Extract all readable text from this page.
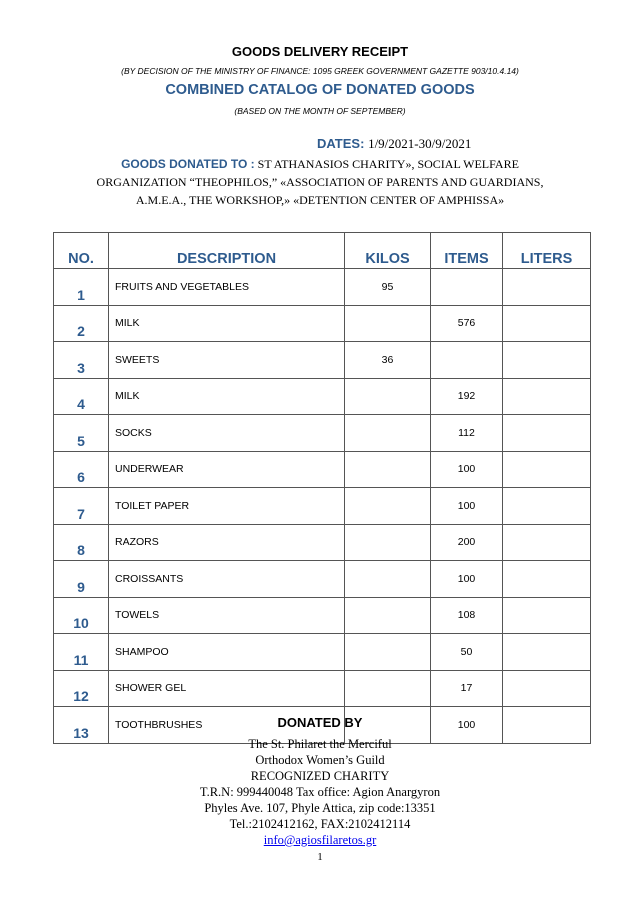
GOODS DELIVERY RECEIPT
(BY DECISION OF THE MINISTRY OF FINANCE: 1095 GREEK GOVERNMENT GAZETTE 903/10.4.14)
COMBINED CATALOG OF DONATED GOODS
(BASED ON THE MONTH OF SEPTEMBER)
DATES: 1/9/2021-30/9/2021
GOODS DONATED TO : ST ATHANASIOS CHARITY», SOCIAL WELFARE
ORGANIZATION “THEOPHILOS,” «ASSOCIATION OF PARENTS AND GUARDIANS,
A.M.E.A., THE WORKSHOP,» «DETENTION CENTER OF AMPHISSA»
NO.	DESCRIPTION	KILOS	ITEMS	LITERS
1	FRUITS AND VEGETABLES	95		
2	MILK		576	
3	SWEETS	36		
4	MILK		192	
5	SOCKS		112	
6	UNDERWEAR		100	
7	TOILET PAPER		100	
8	RAZORS		200	
9	CROISSANTS		100	
10	TOWELS		108	
11	SHAMPOO		50	
12	SHOWER GEL		17	
13	TOOTHBRUSHES		100	
DONATED BY
The St. Philaret the Merciful
Orthodox Women’s Guild
RECOGNIZED CHARITY
T.R.N: 999440048 Tax office: Agion Anargyron
Phyles Ave. 107, Phyle Attica, zip code:13351
Tel.:2102412162, FAX:2102412114
info@agiosfilaretos.gr
1
